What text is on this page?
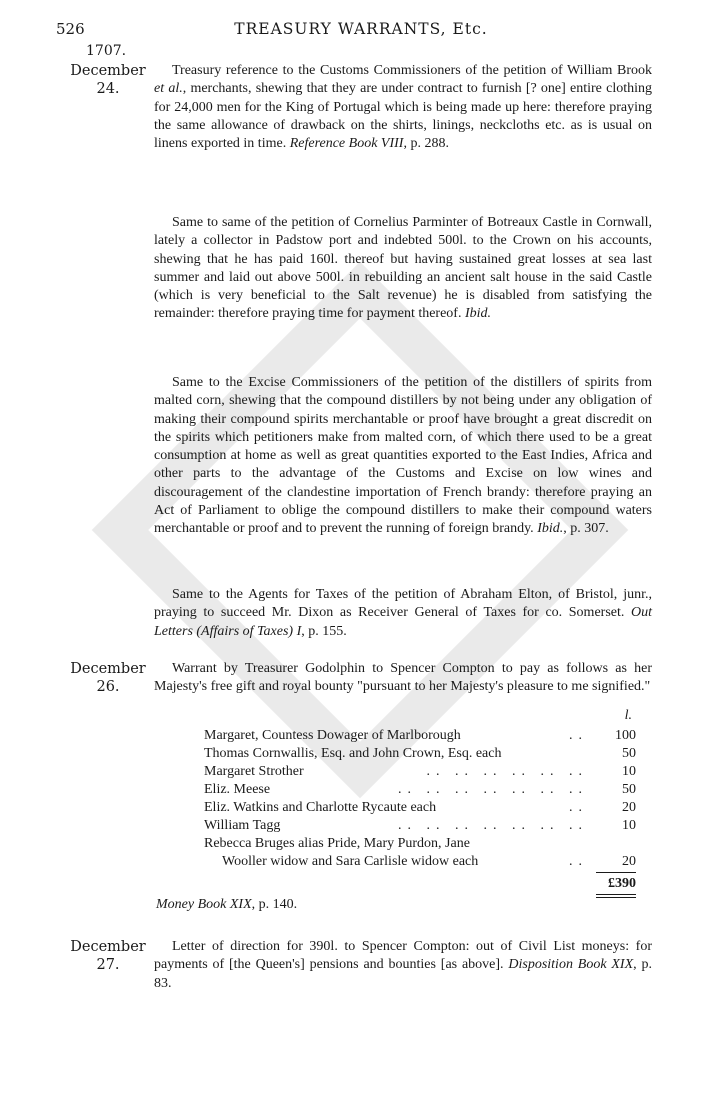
526	TREASURY WARRANTS, Etc.
1707.
December
24.

Treasury reference to the Customs Commissioners of the petition of William Brook et al., merchants, shewing that they are under contract to furnish [? one] entire clothing for 24,000 men for the King of Portugal which is being made up here: therefore praying the same allowance of drawback on the shirts, linings, neckcloths etc. as is usual on linens exported in time. Reference Book VIII, p. 288.

Same to same of the petition of Cornelius Parminter of Botreaux Castle in Cornwall, lately a collector in Padstow port and indebted 500l. to the Crown on his accounts, shewing that he has paid 160l. thereof but having sustained great losses at sea last summer and laid out above 500l. in rebuilding an ancient salt house in the said Castle (which is very beneficial to the Salt revenue) he is disabled from satisfying the remainder: therefore praying time for payment thereof. Ibid.

Same to the Excise Commissioners of the petition of the distillers of spirits from malted corn, shewing that the compound distillers by not being under any obligation of making their compound spirits merchantable or proof have brought a great discredit on the spirits which petitioners make from malted corn, of which there used to be a great consumption at home as well as great quantities exported to the East Indies, Africa and other parts to the advantage of the Customs and Excise on low wines and discouragement of the clandestine importation of French brandy: therefore praying an Act of Parliament to oblige the compound distillers to make their compound waters merchantable or proof and to prevent the running of foreign brandy. Ibid., p. 307.

Same to the Agents for Taxes of the petition of Abraham Elton, of Bristol, junr., praying to succeed Mr. Dixon as Receiver General of Taxes for co. Somerset. Out Letters (Affairs of Taxes) I, p. 155.

December
26.

Warrant by Treasurer Godolphin to Spencer Compton to pay as follows as her Majesty's free gift and royal bounty "pursuant to her Majesty's pleasure to me signified."

l.
Margaret, Countess Dowager of Marlborough	..	100
Thomas Cornwallis, Esq. and John Crown, Esq. each	50
Margaret Strother	.. .. .. .. .. ..	10
Eliz. Meese	.. .. .. .. .. .. ..	50
Eliz. Watkins and Charlotte Rycaute each	..	20
William Tagg	.. .. .. .. .. .. ..	10
Rebecca Bruges alias Pride, Mary Purdon, Jane
Wooller widow and Sara Carlisle widow each	..	20
£390
Money Book XIX, p. 140.
December
27.

Letter of direction for 390l. to Spencer Compton: out of Civil List moneys: for payments of [the Queen's] pensions and bounties [as above]. Disposition Book XIX, p. 83.
